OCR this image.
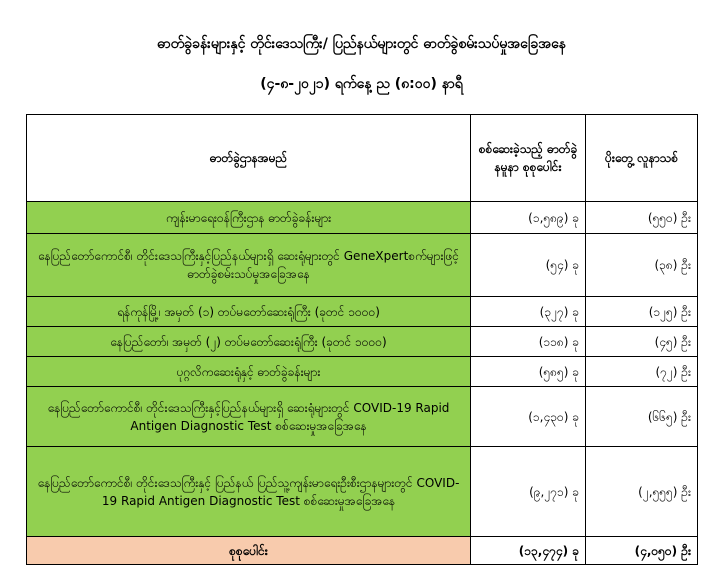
ဓာတ်ခွဲခန်းများနှင့် တိုင်းဒေသကြီး/ ပြည်နယ်များတွင် ဓာတ်ခွဲစမ်းသပ်မှုအခြေအနေ
(၄-၈-၂၀၂၁) ရက်နေ့ ည (၈:၀၀) နာရီ
ဓာတ်ခွဲဌာနအမည်	စစ်ဆေးခဲ့သည့် ဓာတ်ခွဲနမူနာ စုစုပေါင်း	ပိုးတွေ့ လူနာသစ်
ကျန်းမာရေးဝန်ကြီးဌာန ဓာတ်ခွဲခန်းများ	(၁,၅၈၉) ခု	(၅၅၀) ဦး
နေပြည်တော်ကောင်စီ၊ တိုင်းဒေသကြီးနှင့်ပြည်နယ်များရှိ ဆေးရုံများတွင် GeneXpertစက်များဖြင့် ဓာတ်ခွဲစမ်းသပ်မှုအခြေအနေ	(၅၄) ခု	(၃၈) ဦး
ရန်ကုန်မြို့၊ အမှတ် (၁) တပ်မတော်ဆေးရုံကြီး (ခုတင် ၁၀၀၀)	(၃၂၇) ခု	(၁၂၅) ဦး
နေပြည်တော်၊ အမှတ် (၂) တပ်မတော်ဆေးရုံကြီး (ခုတင် ၁၀၀၀)	(၁၁၈) ခု	(၄၅) ဦး
ပုဂ္ဂလိကဆေးရုံနှင့် ဓာတ်ခွဲခန်းများ	(၅၈၅) ခု	(၇၂) ဦး
နေပြည်တော်ကောင်စီ၊ တိုင်းဒေသကြီးနှင့်ပြည်နယ်များရှိ ဆေးရုံများတွင် COVID-19 Rapid Antigen Diagnostic Test စစ်ဆေးမှုအခြေအနေ	(၁,၄၃၀) ခု	(၆၆၅) ဦး
နေပြည်တော်ကောင်စီ၊ တိုင်းဒေသကြီးနှင့် ပြည်နယ် ပြည်သူ့ကျန်းမာရေးဦးစီးဌာနများတွင် COVID-19 Rapid Antigen Diagnostic Test စစ်ဆေးမှုအခြေအနေ	(၉,၂၇၁) ခု	(၂,၅၅၅) ဦး
စုစုပေါင်း	(၁၃,၄၇၄) ခု	(၄,၀၅၀) ဦး
